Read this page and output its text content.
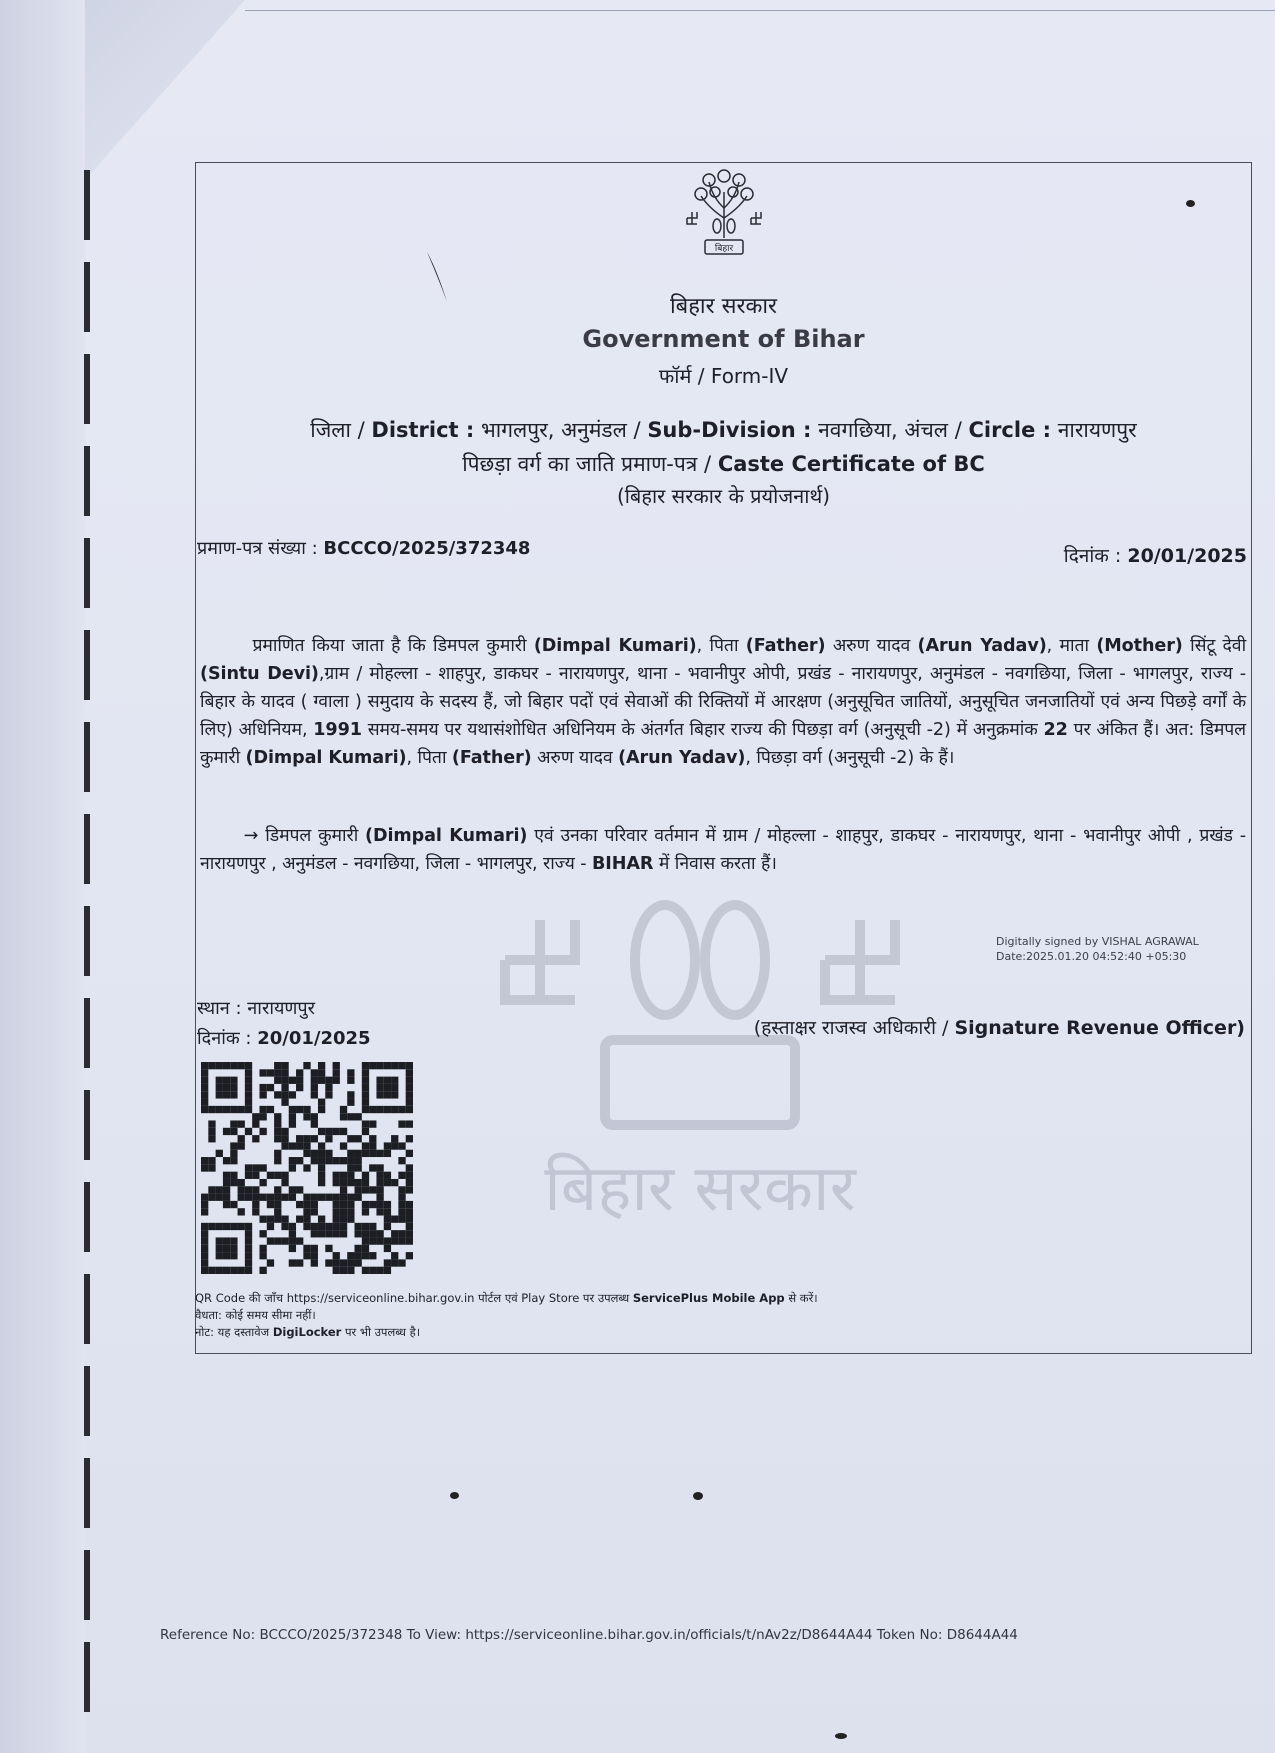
बिहार
बिहार सरकार
बिहार सरकार
Government of Bihar
फॉर्म / Form-IV
जिला / District : भागलपुर, अनुमंडल / Sub-Division : नवगछिया, अंचल / Circle : नारायणपुर
पिछड़ा वर्ग का जाति प्रमाण-पत्र / Caste Certificate of BC
(बिहार सरकार के प्रयोजनार्थ)
प्रमाण-पत्र संख्या : BCCCO/2025/372348	दिनांक : 20/01/2025
   प्रमाणित किया जाता है कि डिमपल कुमारी (Dimpal Kumari), पिता (Father) अरुण यादव (Arun Yadav), माता (Mother) सिंटू देवी (Sintu Devi),ग्राम / मोहल्ला - शाहपुर, डाकघर - नारायणपुर, थाना - भवानीपुर ओपी, प्रखंड - नारायणपुर, अनुमंडल - नवगछिया, जिला - भागलपुर, राज्य - बिहार के यादव ( ग्वाला ) समुदाय के सदस्य हैं, जो बिहार पदों एवं सेवाओं की रिक्तियों में आरक्षण (अनुसूचित जातियों, अनुसूचित जनजातियों एवं अन्य पिछड़े वर्गों के लिए) अधिनियम, 1991 समय-समय पर यथासंशोधित अधिनियम के अंतर्गत बिहार राज्य की पिछड़ा वर्ग (अनुसूची -2) में अनुक्रमांक 22 पर अंकित हैं। अत: डिमपल कुमारी (Dimpal Kumari), पिता (Father) अरुण यादव (Arun Yadav), पिछड़ा वर्ग (अनुसूची -2) के हैं।
   → डिमपल कुमारी (Dimpal Kumari) एवं उनका परिवार वर्तमान में ग्राम / मोहल्ला - शाहपुर, डाकघर - नारायणपुर, थाना - भवानीपुर ओपी , प्रखंड - नारायणपुर , अनुमंडल - नवगछिया, जिला - भागलपुर, राज्य - BIHAR में निवास करता हैं।
Digitally signed by VISHAL AGRAWAL
Date:2025.01.20 04:52:40 +05:30
स्थान : नारायणपुर
दिनांक : 20/01/2025	(हस्ताक्षर राजस्व अधिकारी / Signature Revenue Officer)
QR Code की जाँच https://serviceonline.bihar.gov.in पोर्टल एवं Play Store पर उपलब्ध ServicePlus Mobile App से करें।
वैधता: कोई समय सीमा नहीं।
नोट: यह दस्तावेज DigiLocker पर भी उपलब्ध है।
Reference No: BCCCO/2025/372348 To View: https://serviceonline.bihar.gov.in/officials/t/nAv2z/D8644A44 Token No: D8644A44
